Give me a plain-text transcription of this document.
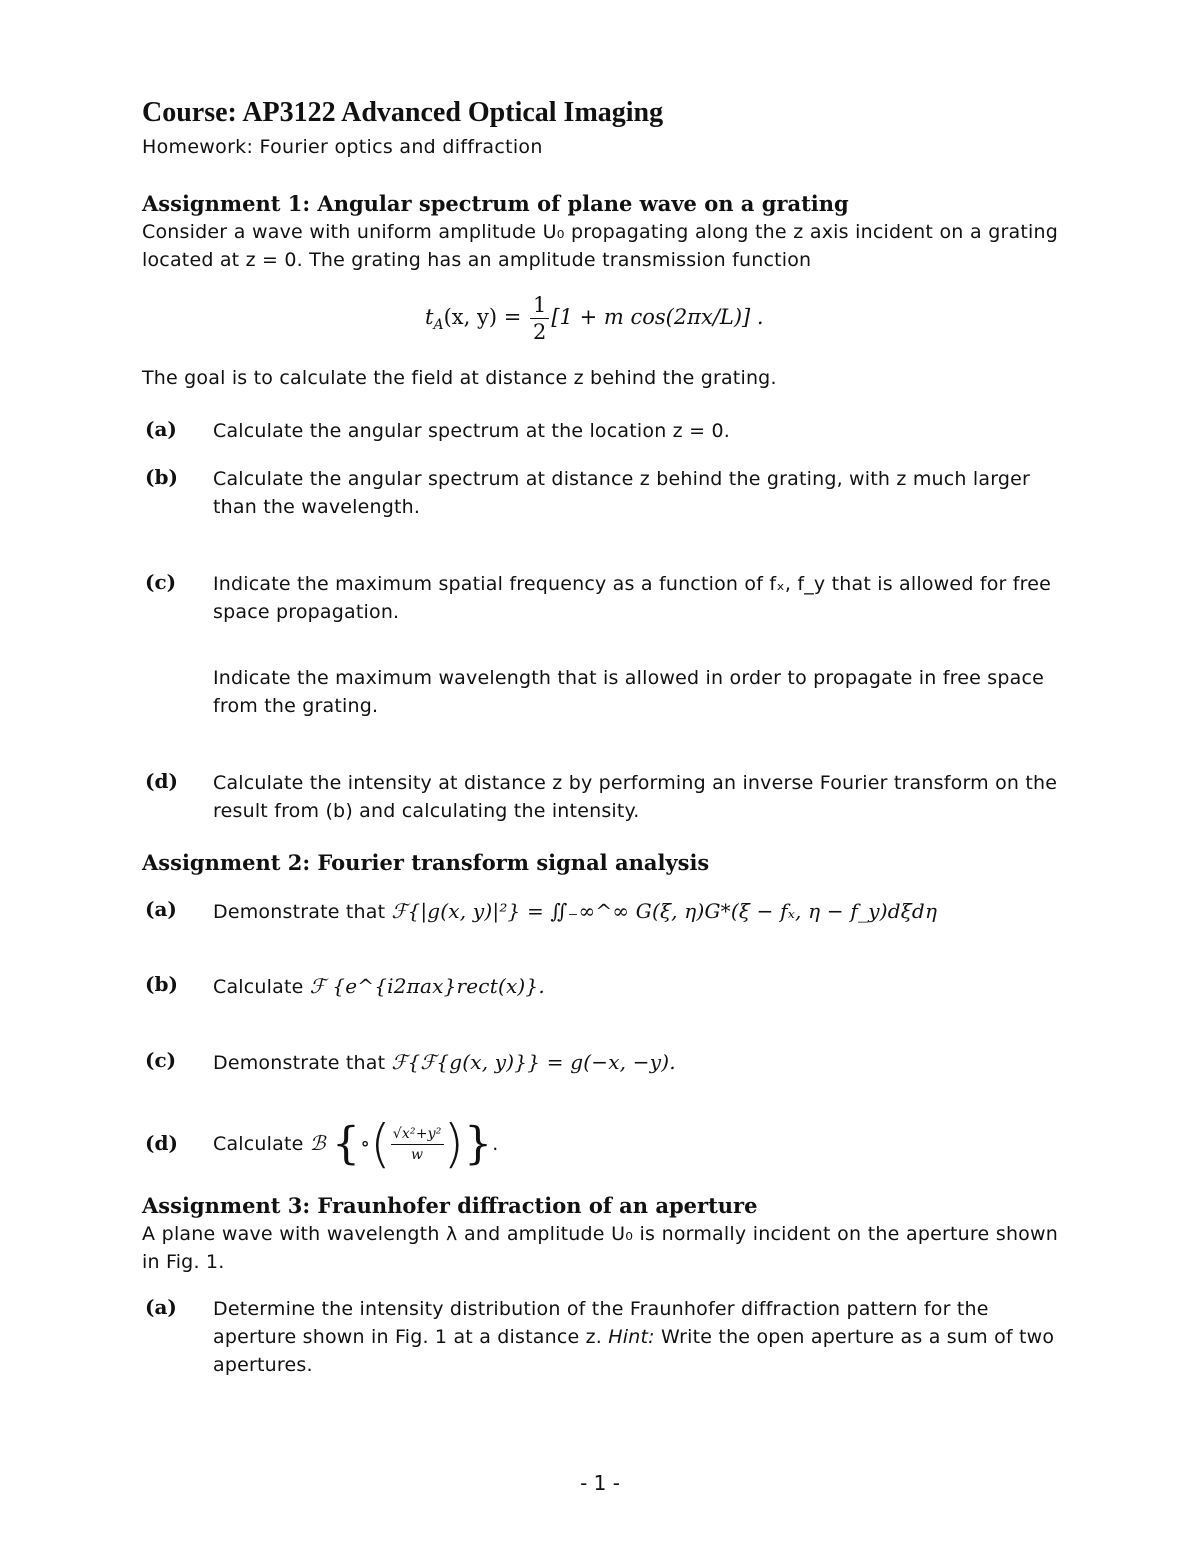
Course: AP3122 Advanced Optical Imaging
Homework: Fourier optics and diffraction
Assignment 1: Angular spectrum of plane wave on a grating
Consider a wave with uniform amplitude U₀ propagating along the z axis incident on a grating located at z = 0. The grating has an amplitude transmission function
$t_A(x$, $y) = \frac{1}{2} [1 + m$ cos(2πx/L)] .
The goal is to calculate the field at distance z behind the grating.
(a) Calculate the angular spectrum at the location z = 0.
(b) Calculate the angular spectrum at distance z behind the grating, with z much larger than the wavelength.
(c) Indicate the maximum spatial frequency as a function of fₓ, f_y that is allowed for free space propagation.
Indicate the maximum wavelength that is allowed in order to propagate in free space from the grating.
(d) Calculate the intensity at distance z by performing an inverse Fourier transform on the result from (b) and calculating the intensity.
Assignment 2: Fourier transform signal analysis
(a) Demonstrate that ℱ{|g(x, y)|²} = ∬₋∞^∞ G(ξ, η)G*(ξ − fₓ, η − f_y)dξdη
(b) Calculate ℱ {e^{i2πax}rect(x)}.
(c) Demonstrate that ℱ{ℱ{g(x, y)}} = g(−x, −y).
(d) Calculate ℬ {∘( $\frac{\text{√x²+y²}}{w}$ )}.
Assignment 3: Fraunhofer diffraction of an aperture
A plane wave with wavelength λ and amplitude U₀ is normally incident on the aperture shown in Fig. 1.
(a) Determine the intensity distribution of the Fraunhofer diffraction pattern for the aperture shown in Fig. 1 at a distance z. Hint: Write the open aperture as a sum of two apertures.
- 1 -
